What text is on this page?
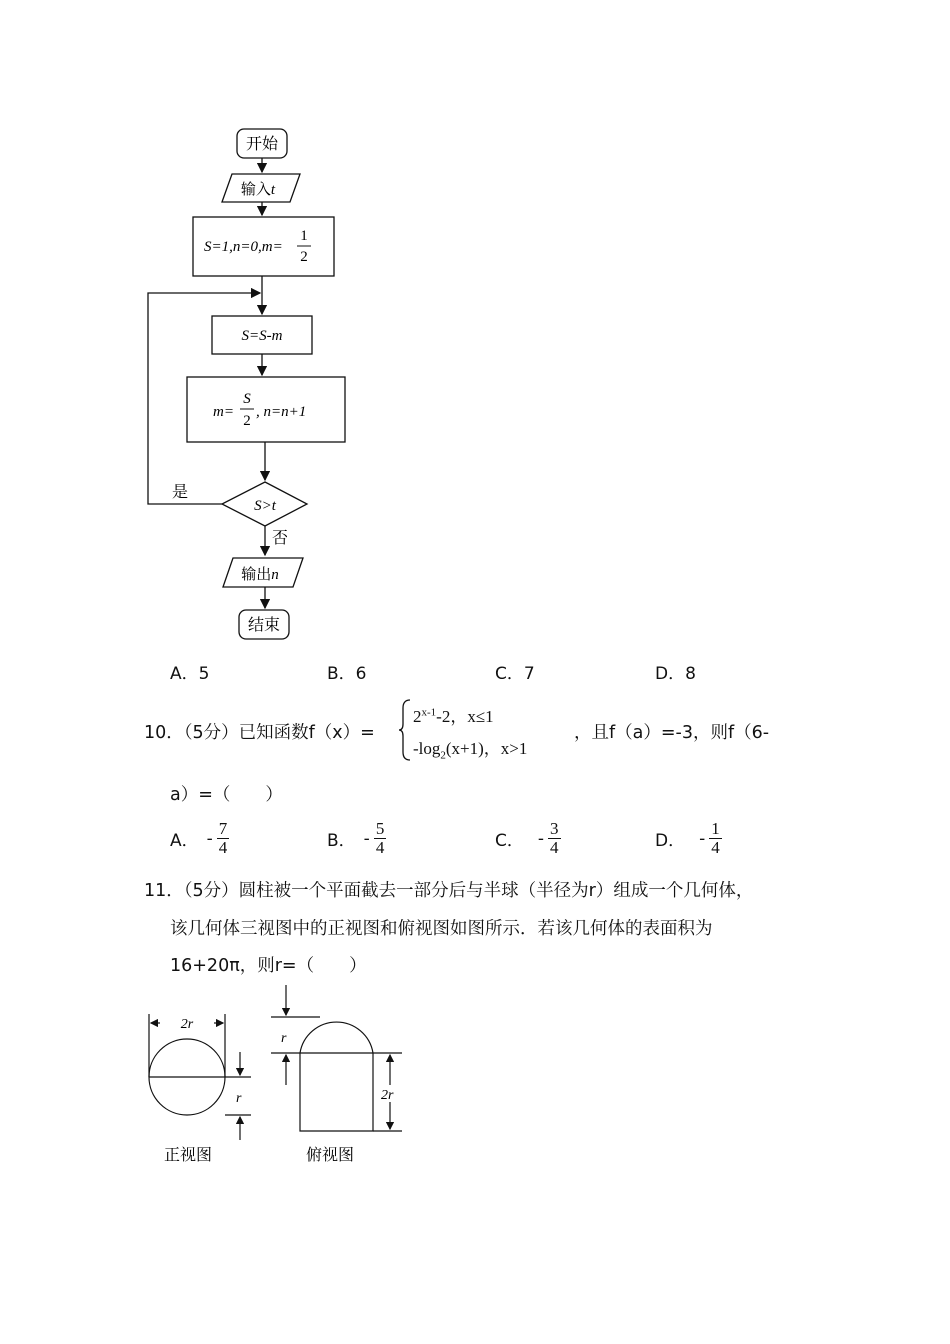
开始
输入t
S=1,n=0,m=
1
2
S=S-m
m=
S
2
, n=n+1
S>t
是
否
输出n
结束
A．5	B．6	C．7	D．8
10．（5分）已知函数f（x）=
$2^{x-1}-2$，x≤1
$-\log_2(x+1)$，x>1
，且f（a）=-3，则f（6-
a）=（　　）
A． - $\frac{7}{4}$	B． - $\frac{5}{4}$	C． - $\frac{3}{4}$	D． - $\frac{1}{4}$
11．（5分）圆柱被一个平面截去一部分后与半球（半径为r）组成一个几何体，
该几何体三视图中的正视图和俯视图如图所示．若该几何体的表面积为
16+20π，则r=（　　）
2r
r
正视图
r
2r
俯视图
